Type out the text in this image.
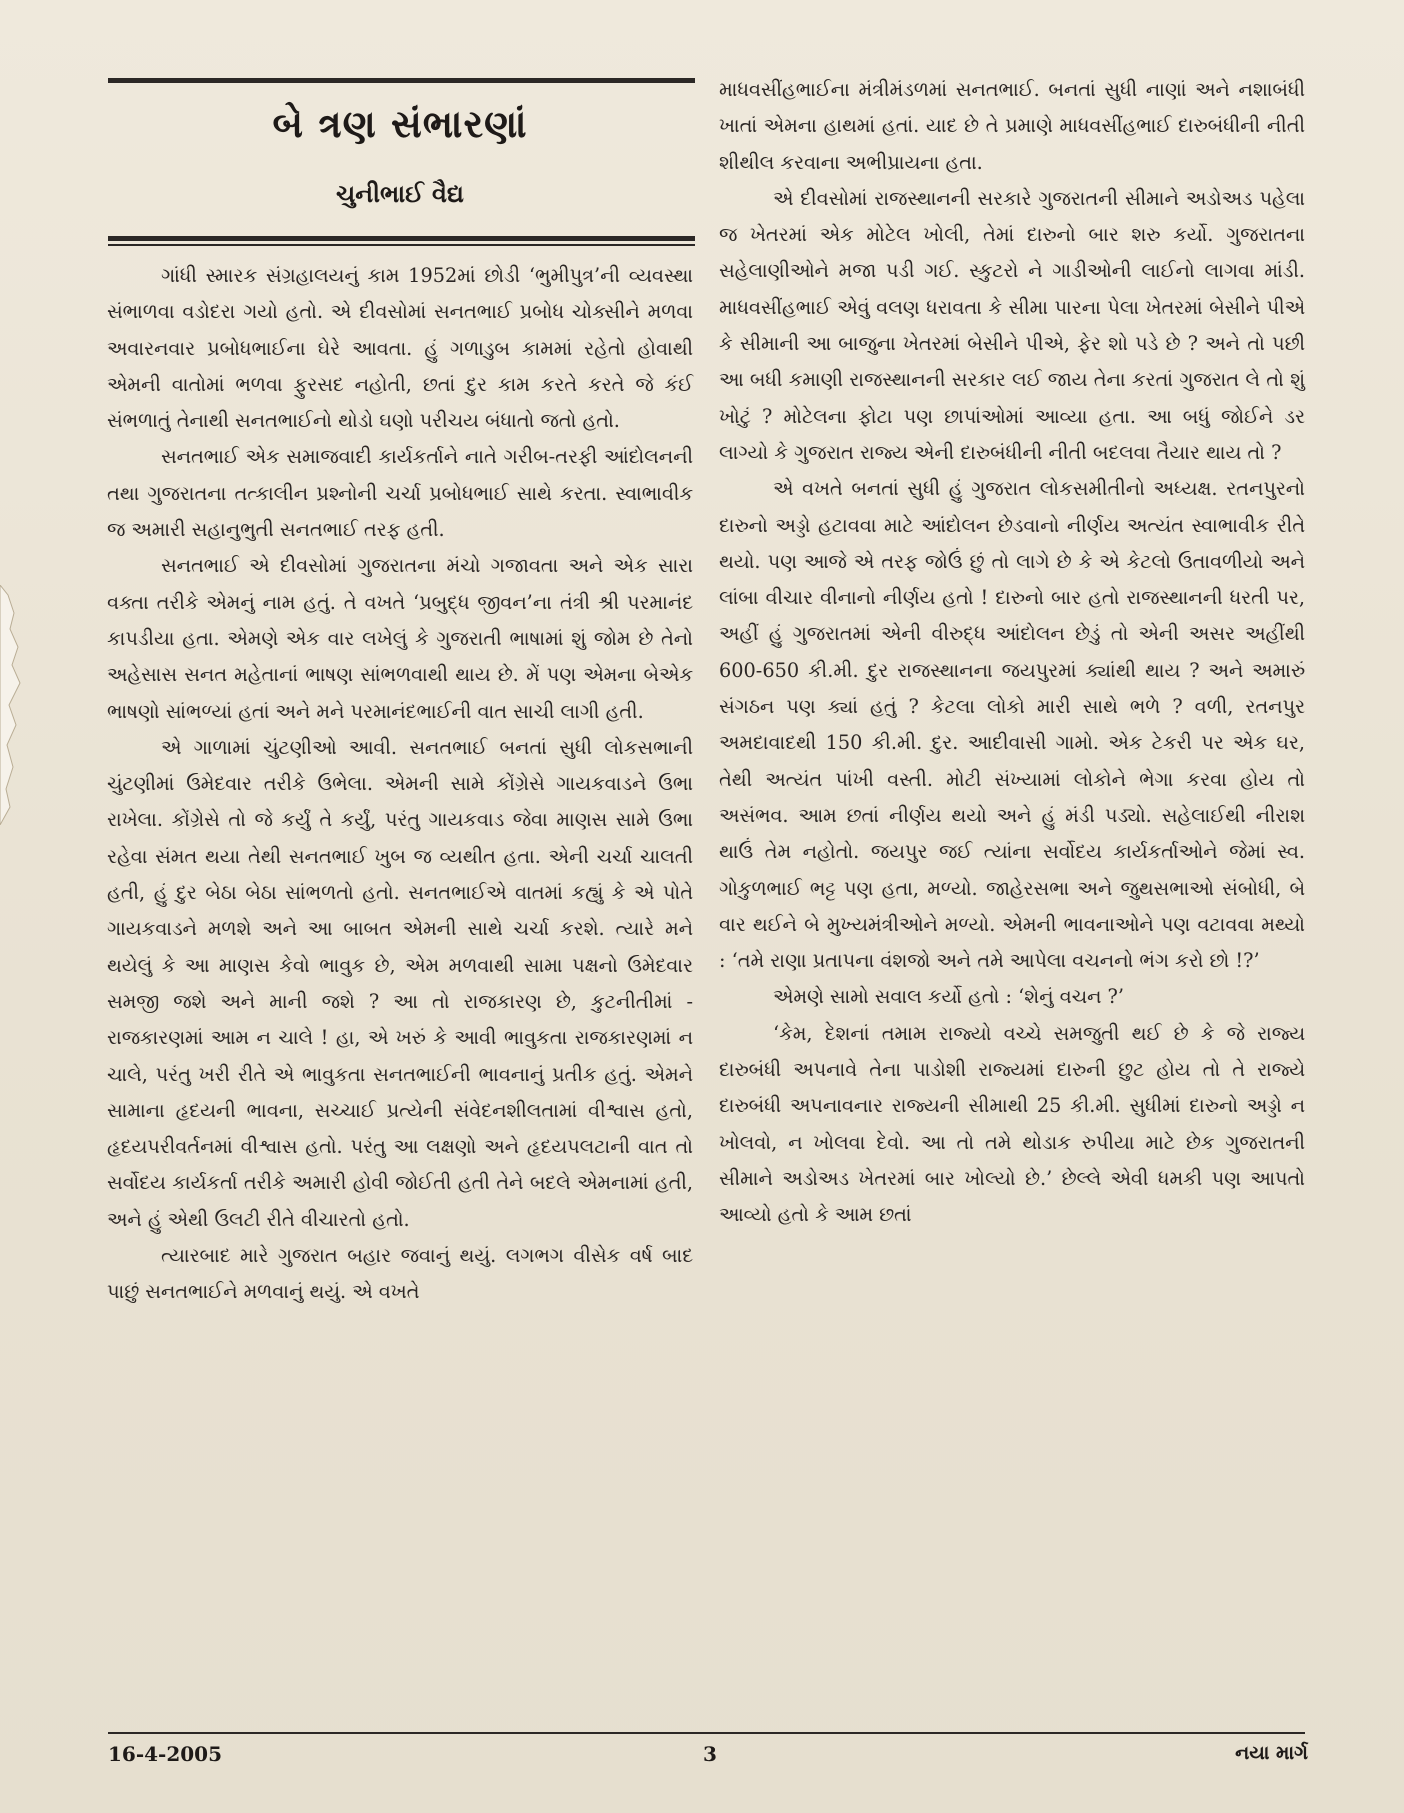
બે ત્રણ સંભારણાં
ચુનીભાઈ વૈદ્ય

ગાંધી સ્મારક સંગ્રહાલયનું કામ 1952માં છોડી ‘ભુમીપુત્ર’ની વ્યવસ્થા સંભાળવા વડોદરા ગયો હતો. એ દીવસોમાં સનતભાઈ પ્રબોધ ચોક્સીને મળવા અવારનવાર પ્રબોધભાઈના ઘેરે આવતા. હું ગળાડુબ કામમાં રહેતો હોવાથી એમની વાતોમાં ભળવા ફુરસદ નહોતી, છતાં દુર કામ કરતે કરતે જે કંઈ સંભળાતું તેનાથી સનતભાઈનો થોડો ઘણો પરીચય બંધાતો જતો હતો.

સનતભાઈ એક સમાજવાદી કાર્યકર્તાને નાતે ગરીબ-તરફી આંદોલનની તથા ગુજરાતના તત્કાલીન પ્રશ્નોની ચર્ચા પ્રબોધભાઈ સાથે કરતા. સ્વાભાવીક જ અમારી સહાનુભુતી સનતભાઈ તરફ હતી.

સનતભાઈ એ દીવસોમાં ગુજરાતના મંચો ગજાવતા અને એક સારા વક્તા તરીકે એમનું નામ હતું. તે વખતે ‘પ્રબુદ્ધ જીવન’ના તંત્રી શ્રી પરમાનંદ કાપડીયા હતા. એમણે એક વાર લખેલું કે ગુજરાતી ભાષામાં શું જોમ છે તેનો અહેસાસ સનત મહેતાનાં ભાષણ સાંભળવાથી થાય છે. મેં પણ એમના બેએક ભાષણો સાંભળ્યાં હતાં અને મને પરમાનંદભાઈની વાત સાચી લાગી હતી.

એ ગાળામાં ચુંટણીઓ આવી. સનતભાઈ બનતાં સુધી લોકસભાની ચુંટણીમાં ઉમેદવાર તરીકે ઉભેલા. એમની સામે કોંગ્રેસે ગાયકવાડને ઉભા રાખેલા. કોંગ્રેસે તો જે કર્યું તે કર્યું, પરંતુ ગાયકવાડ જેવા માણસ સામે ઉભા રહેવા સંમત થયા તેથી સનતભાઈ ખુબ જ વ્યથીત હતા. એની ચર્ચા ચાલતી હતી, હું દુર બેઠા બેઠા સાંભળતો હતો. સનતભાઈએ વાતમાં કહ્યું કે એ પોતે ગાયકવાડને મળશે અને આ બાબત એમની સાથે ચર્ચા કરશે. ત્યારે મને થયેલું કે આ માણસ કેવો ભાવુક છે, એમ મળવાથી સામા પક્ષનો ઉમેદવાર સમજી જશે અને માની જશે ? આ તો રાજકારણ છે, કુટનીતીમાં - રાજકારણમાં આમ ન ચાલે ! હા, એ ખરું કે આવી ભાવુકતા રાજકારણમાં ન ચાલે, પરંતુ ખરી રીતે એ ભાવુકતા સનતભાઈની ભાવનાનું પ્રતીક હતું. એમને સામાના હૃદયની ભાવના, સચ્ચાઈ પ્રત્યેની સંવેદનશીલતામાં વીશ્વાસ હતો, હૃદયપરીવર્તનમાં વીશ્વાસ હતો. પરંતુ આ લક્ષણો અને હૃદયપલટાની વાત તો સર્વોદય કાર્યકર્તા તરીકે અમારી હોવી જોઈતી હતી તેને બદલે એમનામાં હતી, અને હું એથી ઉલટી રીતે વીચારતો હતો.

ત્યારબાદ મારે ગુજરાત બહાર જવાનું થયું. લગભગ વીસેક વર્ષ બાદ પાછું સનતભાઈને મળવાનું થયું. એ વખતે

માધવસીંહભાઈના મંત્રીમંડળમાં સનતભાઈ. બનતાં સુધી નાણાં અને નશાબંધી ખાતાં એમના હાથમાં હતાં. યાદ છે તે પ્રમાણે માધવસીંહભાઈ દારુબંધીની નીતી શીથીલ કરવાના અભીપ્રાયના હતા.

એ દીવસોમાં રાજસ્થાનની સરકારે ગુજરાતની સીમાને અડોઅડ પહેલા જ ખેતરમાં એક મોટેલ ખોલી, તેમાં દારુનો બાર શરુ કર્યો. ગુજરાતના સહેલાણીઓને મજા પડી ગઈ. સ્કુટરો ને ગાડીઓની લાઈનો લાગવા માંડી. માધવસીંહભાઈ એવું વલણ ધરાવતા કે સીમા પારના પેલા ખેતરમાં બેસીને પીએ કે સીમાની આ બાજુના ખેતરમાં બેસીને પીએ, ફેર શો પડે છે ? અને તો પછી આ બધી કમાણી રાજસ્થાનની સરકાર લઈ જાય તેના કરતાં ગુજરાત લે તો શું ખોટું ? મોટેલના ફોટા પણ છાપાંઓમાં આવ્યા હતા. આ બધું જોઈને ડર લાગ્યો કે ગુજરાત રાજ્ય એની દારુબંધીની નીતી બદલવા તૈયાર થાય તો ?

એ વખતે બનતાં સુધી હું ગુજરાત લોકસમીતીનો અધ્યક્ષ. રતનપુરનો દારુનો અડ્ડો હટાવવા માટે આંદોલન છેડવાનો નીર્ણય અત્યંત સ્વાભાવીક રીતે થયો. પણ આજે એ તરફ જોઉં છું તો લાગે છે કે એ કેટલો ઉતાવળીયો અને લાંબા વીચાર વીનાનો નીર્ણય હતો ! દારુનો બાર હતો રાજસ્થાનની ધરતી પર, અહીં હું ગુજરાતમાં એની વીરુદ્ધ આંદોલન છેડું તો એની અસર અહીંથી 600-650 કી.મી. દુર રાજસ્થાનના જયપુરમાં ક્યાંથી થાય ? અને અમારું સંગઠન પણ ક્યાં હતું ? કેટલા લોકો મારી સાથે ભળે ? વળી, રતનપુર અમદાવાદથી 150 કી.મી. દુર. આદીવાસી ગામો. એક ટેકરી પર એક ઘર, તેથી અત્યંત પાંખી વસ્તી. મોટી સંખ્યામાં લોકોને ભેગા કરવા હોય તો અસંભવ. આમ છતાં નીર્ણય થયો અને હું મંડી પડ્યો. સહેલાઈથી નીરાશ થાઉં તેમ નહોતો. જયપુર જઈ ત્યાંના સર્વોદય કાર્યકર્તાઓને જેમાં સ્વ. ગોકુળભાઈ ભટ્ટ પણ હતા, મળ્યો. જાહેરસભા અને જુથસભાઓ સંબોધી, બે વાર થઈને બે મુખ્યમંત્રીઓને મળ્યો. એમની ભાવનાઓને પણ વટાવવા મથ્યો : ‘તમે રાણા પ્રતાપના વંશજો અને તમે આપેલા વચનનો ભંગ કરો છો !?’

એમણે સામો સવાલ કર્યો હતો : ‘શેનું વચન ?’

‘કેમ, દેશનાં તમામ રાજ્યો વચ્ચે સમજુતી થઈ છે કે જે રાજ્ય દારુબંધી અપનાવે તેના પાડોશી રાજ્યમાં દારુની છુટ હોય તો તે રાજ્યે દારુબંધી અપનાવનાર રાજ્યની સીમાથી 25 કી.મી. સુધીમાં દારુનો અડ્ડો ન ખોલવો, ન ખોલવા દેવો. આ તો તમે થોડાક રુપીયા માટે છેક ગુજરાતની સીમાને અડોઅડ ખેતરમાં બાર ખોલ્યો છે.’ છેલ્લે એવી ધમકી પણ આપતો આવ્યો હતો કે આમ છતાં

16-4-2005	3	નયા માર્ગ
